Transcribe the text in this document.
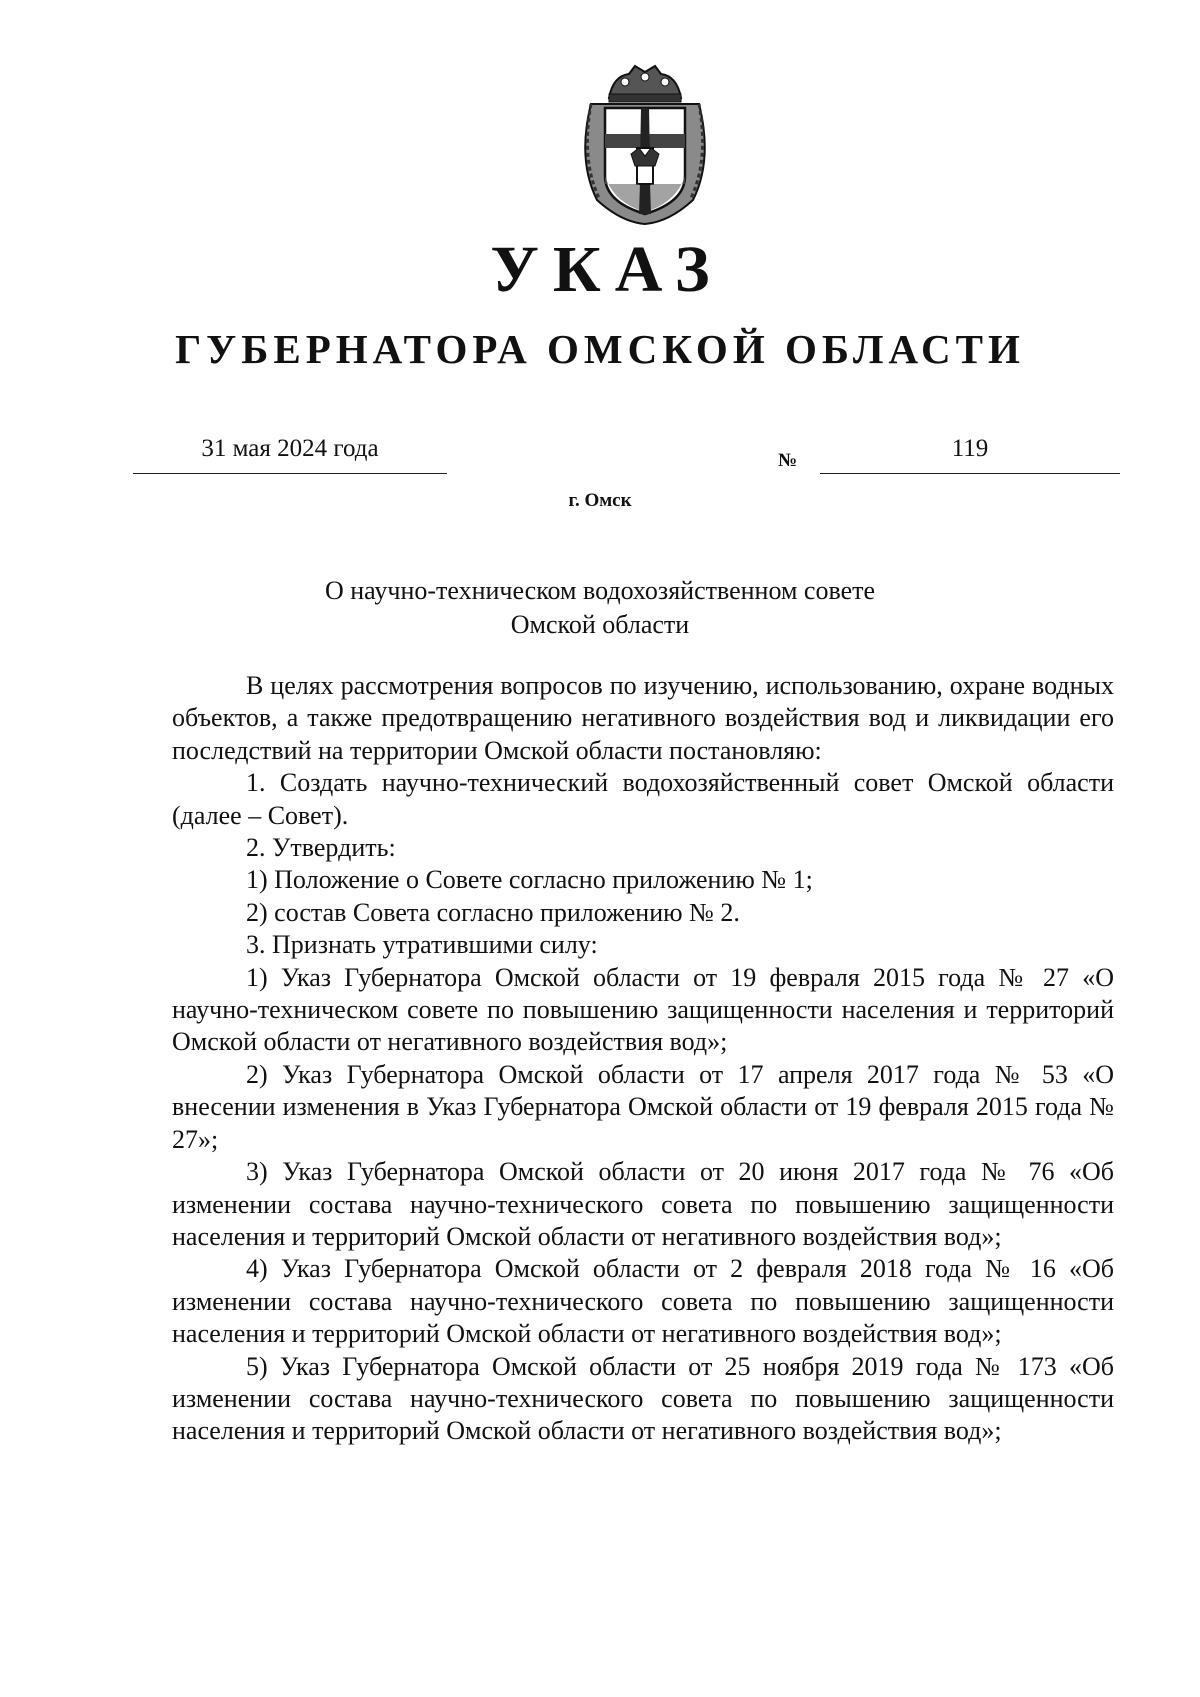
УКАЗ
ГУБЕРНАТОРА ОМСКОЙ ОБЛАСТИ
31 мая 2024 года	№	119
г. Омск
О научно-техническом водохозяйственном совете
Омской области

В целях рассмотрения вопросов по изучению, использованию, охране водных объектов, а также предотвращению негативного воздействия вод и ликвидации его последствий на территории Омской области постановляю:

1. Создать научно-технический водохозяйственный совет Омской области (далее – Совет).

2. Утвердить:

1) Положение о Совете согласно приложению № 1;

2) состав Совета согласно приложению № 2.

3. Признать утратившими силу:

1) Указ Губернатора Омской области от 19 февраля 2015 года № 27 «О научно-техническом совете по повышению защищенности населения и территорий Омской области от негативного воздействия вод»;

2) Указ Губернатора Омской области от 17 апреля 2017 года № 53 «О внесении изменения в Указ Губернатора Омской области от 19 февраля 2015 года № 27»;

3) Указ Губернатора Омской области от 20 июня 2017 года № 76 «Об изменении состава научно-технического совета по повышению защищенности населения и территорий Омской области от негативного воздействия вод»;

4) Указ Губернатора Омской области от 2 февраля 2018 года № 16 «Об изменении состава научно-технического совета по повышению защищенности населения и территорий Омской области от негативного воздействия вод»;

5) Указ Губернатора Омской области от 25 ноября 2019 года № 173 «Об изменении состава научно-технического совета по повышению защищенности населения и территорий Омской области от негативного воздействия вод»;
